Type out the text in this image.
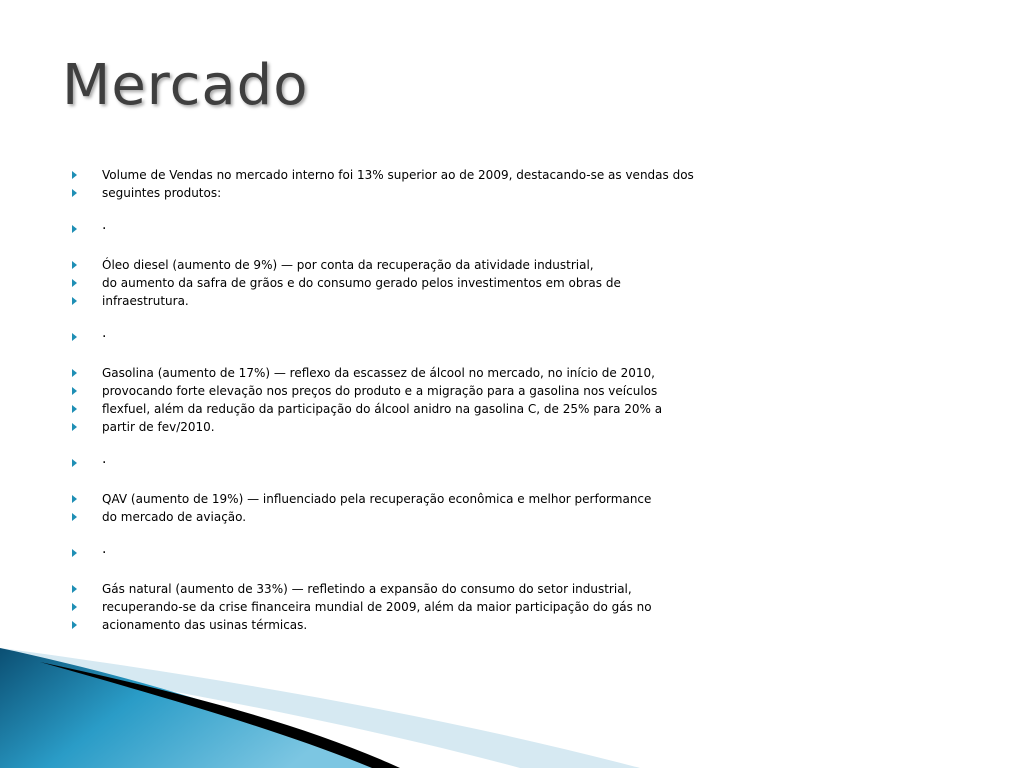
Mercado
Volume de Vendas no mercado interno foi 13% superior ao de 2009, destacando-se as vendas dos
seguintes produtos:
·
Óleo diesel (aumento de 9%) — por conta da recuperação da atividade industrial,
do aumento da safra de grãos e do consumo gerado pelos investimentos em obras de
infraestrutura.
·
Gasolina (aumento de 17%) — reflexo da escassez de álcool no mercado, no início de 2010,
provocando forte elevação nos preços do produto e a migração para a gasolina nos veículos
flexfuel, além da redução da participação do álcool anidro na gasolina C, de 25% para 20% a
partir de fev/2010.
·
QAV (aumento de 19%) — influenciado pela recuperação econômica e melhor performance
do mercado de aviação.
·
Gás natural (aumento de 33%) — refletindo a expansão do consumo do setor industrial,
recuperando-se da crise financeira mundial de 2009, além da maior participação do gás no
acionamento das usinas térmicas.
